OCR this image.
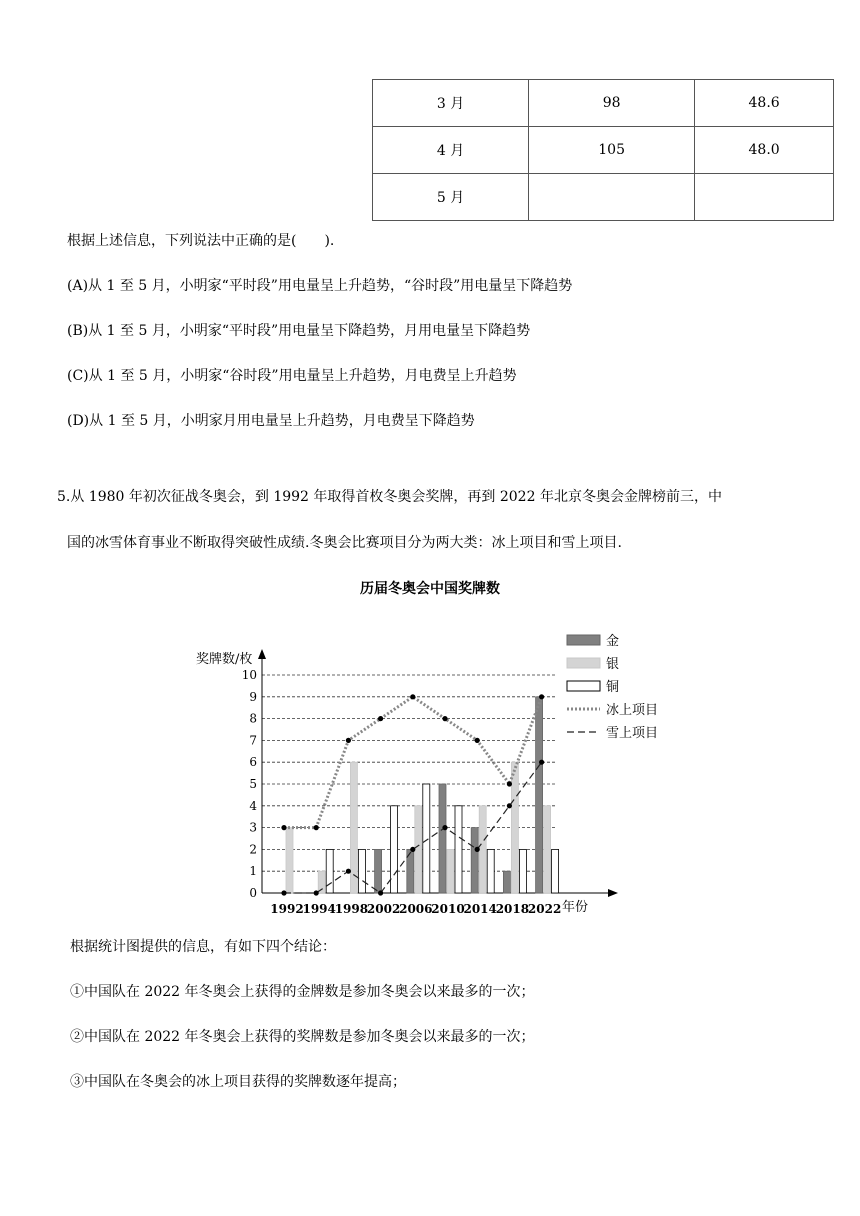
3 月	98	48.6
4 月	105	48.0
5 月		
根据上述信息，下列说法中正确的是(　　).
(A)从 1 至 5 月，小明家“平时段”用电量呈上升趋势，“谷时段”用电量呈下降趋势
(B)从 1 至 5 月，小明家“平时段”用电量呈下降趋势，月用电量呈下降趋势
(C)从 1 至 5 月，小明家“谷时段”用电量呈上升趋势，月电费呈上升趋势
(D)从 1 至 5 月，小明家月用电量呈上升趋势，月电费呈下降趋势
5.从 1980 年初次征战冬奥会，到 1992 年取得首枚冬奥会奖牌，再到 2022 年北京冬奥会金牌榜前三，中
国的冰雪体育事业不断取得突破性成绩.冬奥会比赛项目分为两大类：冰上项目和雪上项目.
历届冬奥会中国奖牌数
0
1
2
3
4
5
6
7
8
9
10
奖牌数/枚
年份
1992
1994
1998
2002
2006
2010
2014
2018
2022
金
银
铜
冰上项目
雪上项目
根据统计图提供的信息，有如下四个结论：
①中国队在 2022 年冬奥会上获得的金牌数是参加冬奥会以来最多的一次；
②中国队在 2022 年冬奥会上获得的奖牌数是参加冬奥会以来最多的一次；
③中国队在冬奥会的冰上项目获得的奖牌数逐年提高；
